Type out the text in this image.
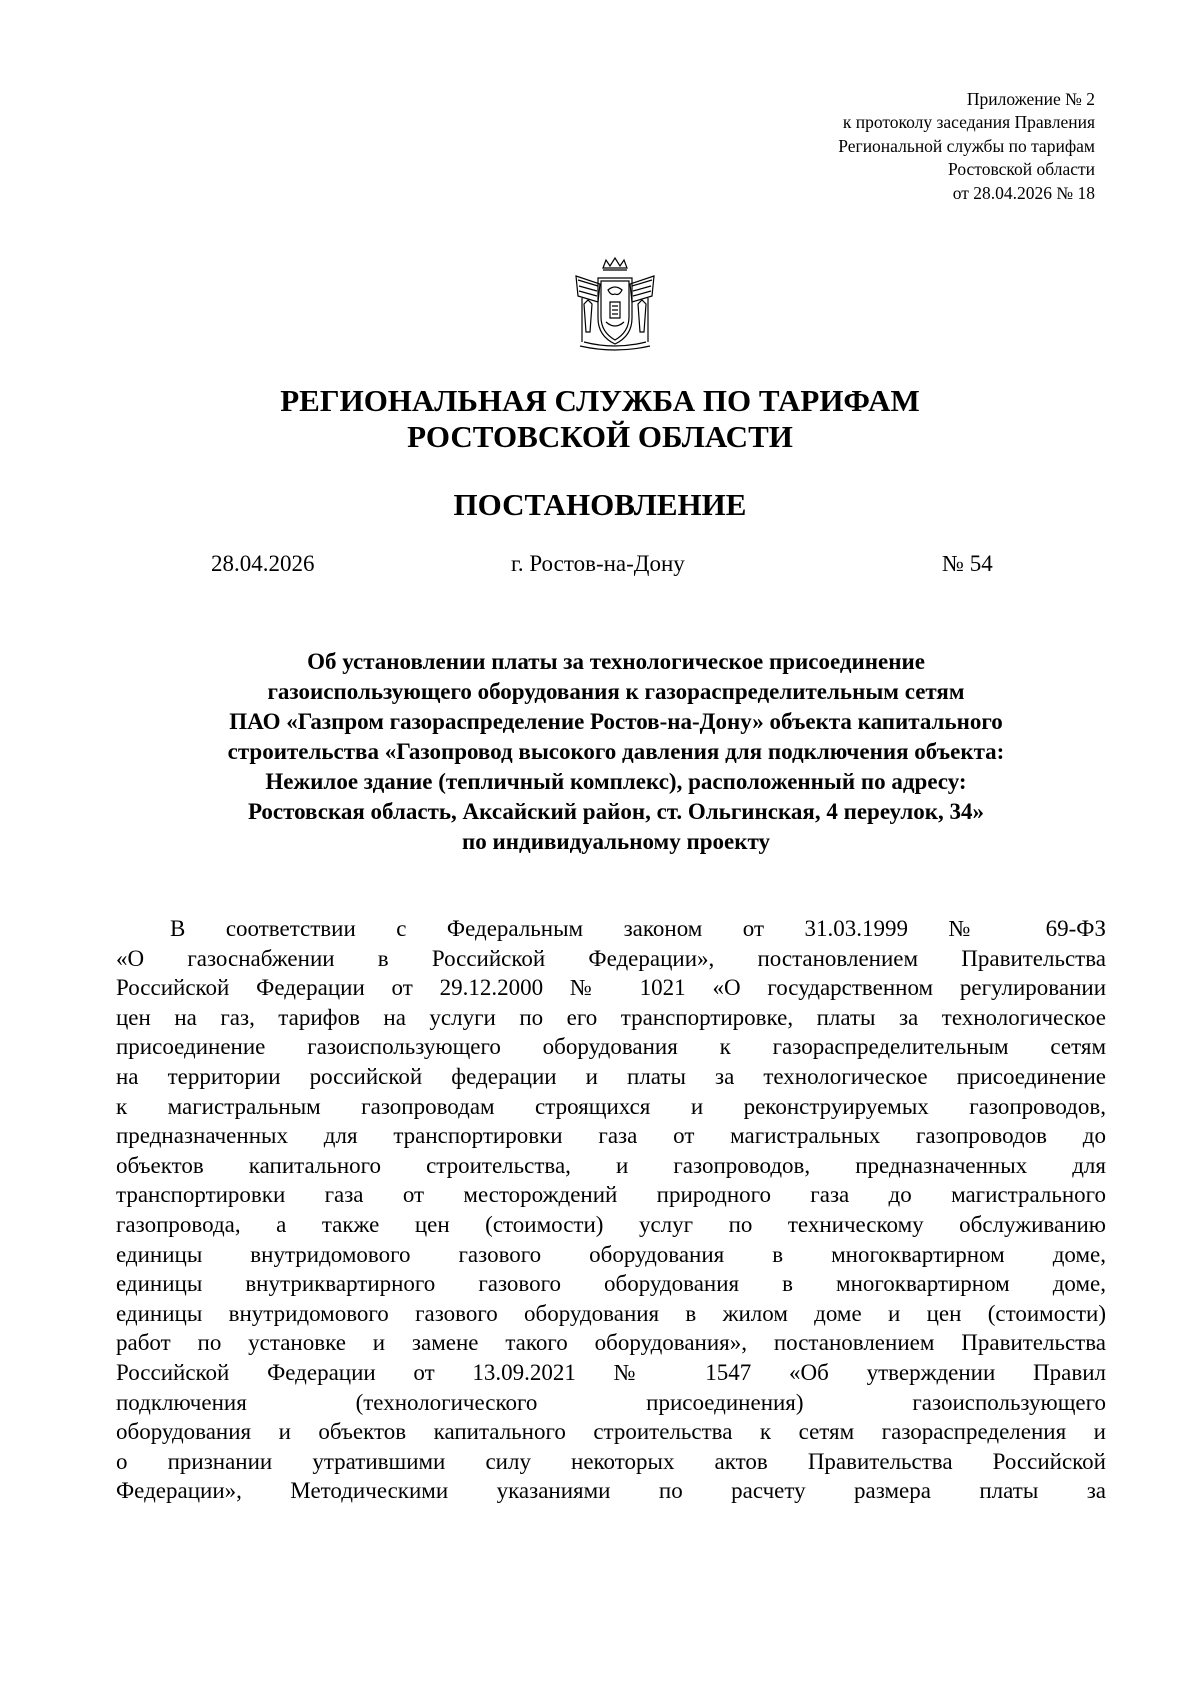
Приложение № 2
к протоколу заседания Правления
Региональной службы по тарифам
Ростовской области
от 28.04.2026 № 18
РЕГИОНАЛЬНАЯ СЛУЖБА ПО ТАРИФАМ
РОСТОВСКОЙ ОБЛАСТИ
ПОСТАНОВЛЕНИЕ
28.04.2026	г. Ростов-на-Дону	№ 54
Об установлении платы за технологическое присоединение
газоиспользующего оборудования к газораспределительным сетям
ПАО «Газпром газораспределение Ростов-на-Дону» объекта капитального
строительства «Газопровод высокого давления для подключения объекта:
Нежилое здание (тепличный комплекс), расположенный по адресу:
Ростовская область, Аксайский район, ст. Ольгинская, 4 переулок, 34»
по индивидуальному проекту
В соответствии с Федеральным законом от 31.03.1999 № 69-ФЗ
«О газоснабжении в Российской Федерации», постановлением Правительства
Российской Федерации от 29.12.2000 № 1021 «О государственном регулировании
цен на газ, тарифов на услуги по его транспортировке, платы за технологическое
присоединение газоиспользующего оборудования к газораспределительным сетям
на территории российской федерации и платы за технологическое присоединение
к магистральным газопроводам строящихся и реконструируемых газопроводов,
предназначенных для транспортировки газа от магистральных газопроводов до
объектов капитального строительства, и газопроводов, предназначенных для
транспортировки газа от месторождений природного газа до магистрального
газопровода, а также цен (стоимости) услуг по техническому обслуживанию
единицы внутридомового газового оборудования в многоквартирном доме,
единицы внутриквартирного газового оборудования в многоквартирном доме,
единицы внутридомового газового оборудования в жилом доме и цен (стоимости)
работ по установке и замене такого оборудования», постановлением Правительства
Российской Федерации от 13.09.2021 № 1547 «Об утверждении Правил
подключения (технологического присоединения) газоиспользующего
оборудования и объектов капитального строительства к сетям газораспределения и
о признании утратившими силу некоторых актов Правительства Российской
Федерации», Методическими указаниями по расчету размера платы за
